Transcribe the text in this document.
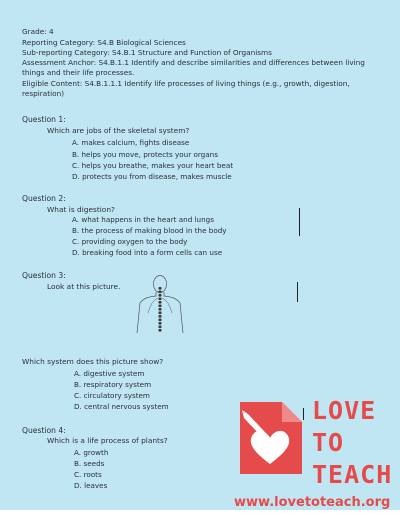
Grade: 4
Reporting Category: S4.B Biological Sciences
Sub-reporting Category: S4.B.1 Structure and Function of Organisms
Assessment Anchor: S4.B.1.1 Identify and describe similarities and differences between living things and their life processes.
Eligible Content: S4.B.1.1.1 Identify life processes of living things (e.g., growth, digestion, respiration)
Question 1:
Which are jobs of the skeletal system?
A. makes calcium, fights disease
B. helps you move, protects your organs
C. helps you breathe, makes your heart beat
D. protects you from disease, makes muscle
Question 2:
What is digestion?
A. what happens in the heart and lungs
B. the process of making blood in the body
C. providing oxygen to the body
D. breaking food into a form cells can use
Question 3:
Look at this picture.
Which system does this picture show?
A. digestive system
B. respiratory system
C. circulatory system
D. central nervous system
Question 4:
Which is a life process of plants?
A. growth
B. seeds
C. roots
D. leaves
LOVE
TO
TEACH
www.lovetoteach.org
